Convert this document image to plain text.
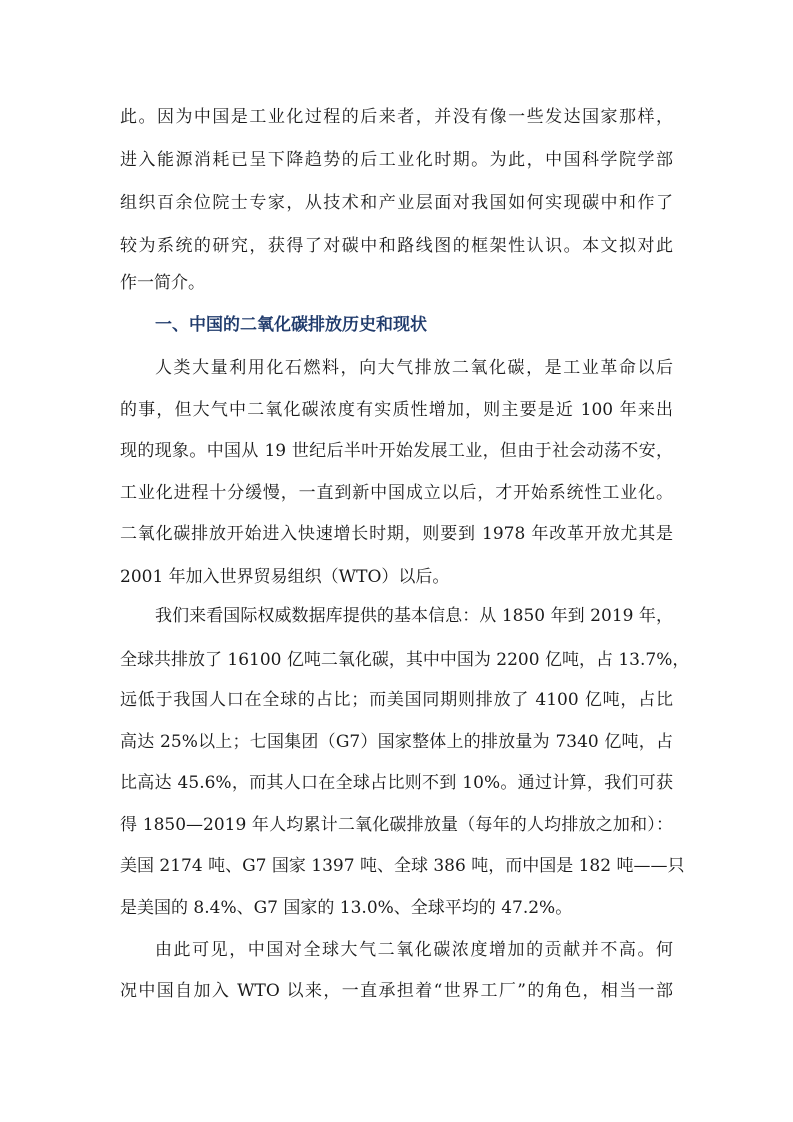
此。因为中国是工业化过程的后来者，并没有像一些发达国家那样，
进入能源消耗已呈下降趋势的后工业化时期。为此，中国科学院学部
组织百余位院士专家，从技术和产业层面对我国如何实现碳中和作了
较为系统的研究，获得了对碳中和路线图的框架性认识。本文拟对此
作一简介。
一、中国的二氧化碳排放历史和现状
人类大量利用化石燃料，向大气排放二氧化碳，是工业革命以后
的事，但大气中二氧化碳浓度有实质性增加，则主要是近 100 年来出
现的现象。中国从 19 世纪后半叶开始发展工业，但由于社会动荡不安，
工业化进程十分缓慢，一直到新中国成立以后，才开始系统性工业化。
二氧化碳排放开始进入快速增长时期，则要到 1978 年改革开放尤其是
2001 年加入世界贸易组织（WTO）以后。
我们来看国际权威数据库提供的基本信息：从 1850 年到 2019 年，
全球共排放了 16100 亿吨二氧化碳，其中中国为 2200 亿吨，占 13.7%，
远低于我国人口在全球的占比；而美国同期则排放了 4100 亿吨，占比
高达 25%以上；七国集团（G7）国家整体上的排放量为 7340 亿吨，占
比高达 45.6%，而其人口在全球占比则不到 10%。通过计算，我们可获
得 1850—2019 年人均累计二氧化碳排放量（每年的人均排放之加和）：
美国 2174 吨、G7 国家 1397 吨、全球 386 吨，而中国是 182 吨——只
是美国的 8.4%、G7 国家的 13.0%、全球平均的 47.2%。
由此可见，中国对全球大气二氧化碳浓度增加的贡献并不高。何
况中国自加入 WTO 以来，一直承担着“世界工厂”的角色，相当一部
